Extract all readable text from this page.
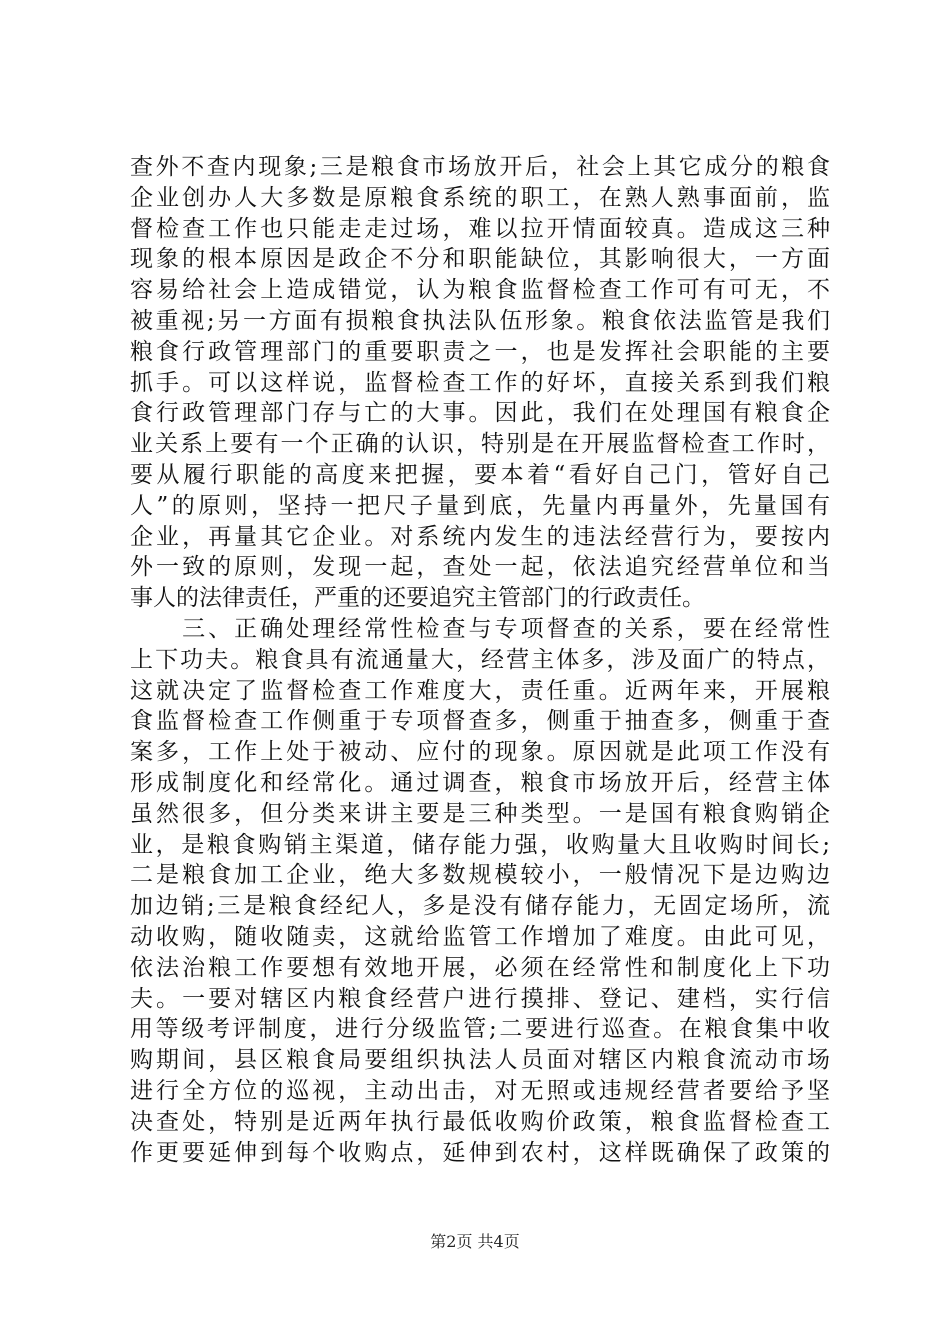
查外不查内现象;三是粮食市场放开后，社会上其它成分的粮食
企业创办人大多数是原粮食系统的职工，在熟人熟事面前，监
督检查工作也只能走走过场，难以拉开情面较真。造成这三种
现象的根本原因是政企不分和职能缺位，其影响很大，一方面
容易给社会上造成错觉，认为粮食监督检查工作可有可无，不
被重视;另一方面有损粮食执法队伍形象。粮食依法监管是我们
粮食行政管理部门的重要职责之一，也是发挥社会职能的主要
抓手。可以这样说，监督检查工作的好坏，直接关系到我们粮
食行政管理部门存与亡的大事。因此，我们在处理国有粮食企
业关系上要有一个正确的认识，特别是在开展监督检查工作时，
要从履行职能的高度来把握，要本着“看好自己门，管好自己
人”的原则，坚持一把尺子量到底，先量内再量外，先量国有
企业，再量其它企业。对系统内发生的违法经营行为，要按内
外一致的原则，发现一起，查处一起，依法追究经营单位和当
事人的法律责任，严重的还要追究主管部门的行政责任。
　　三、正确处理经常性检查与专项督查的关系，要在经常性
上下功夫。粮食具有流通量大，经营主体多，涉及面广的特点，
这就决定了监督检查工作难度大，责任重。近两年来，开展粮
食监督检查工作侧重于专项督查多，侧重于抽查多，侧重于查
案多，工作上处于被动、应付的现象。原因就是此项工作没有
形成制度化和经常化。通过调查，粮食市场放开后，经营主体
虽然很多，但分类来讲主要是三种类型。一是国有粮食购销企
业，是粮食购销主渠道，储存能力强，收购量大且收购时间长;
二是粮食加工企业，绝大多数规模较小，一般情况下是边购边
加边销;三是粮食经纪人，多是没有储存能力，无固定场所，流
动收购，随收随卖，这就给监管工作增加了难度。由此可见，
依法治粮工作要想有效地开展，必须在经常性和制度化上下功
夫。一要对辖区内粮食经营户进行摸排、登记、建档，实行信
用等级考评制度，进行分级监管;二要进行巡查。在粮食集中收
购期间，县区粮食局要组织执法人员面对辖区内粮食流动市场
进行全方位的巡视，主动出击，对无照或违规经营者要给予坚
决查处，特别是近两年执行最低收购价政策，粮食监督检查工
作更要延伸到每个收购点，延伸到农村，这样既确保了政策的
第2页 共4页
